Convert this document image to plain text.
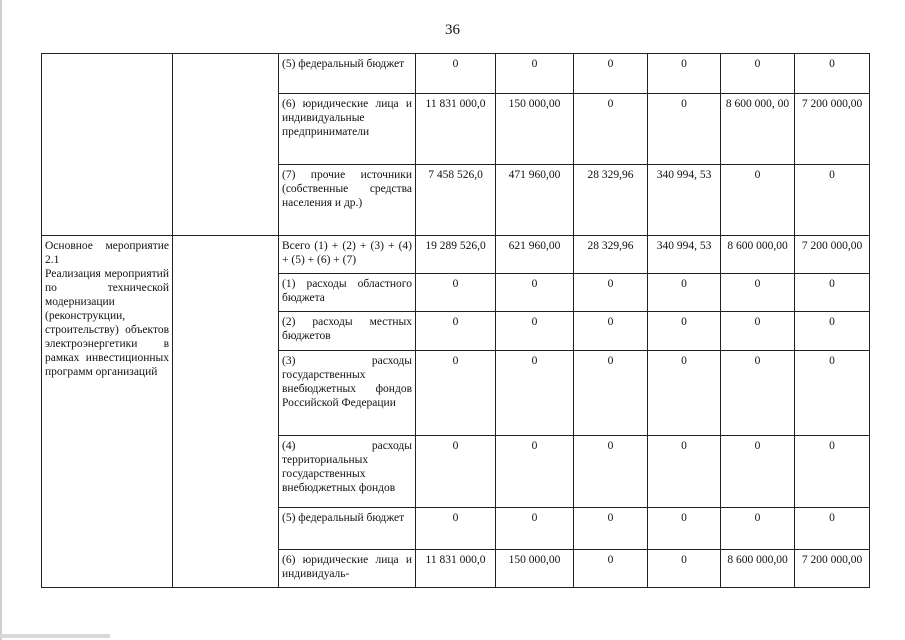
36
		(5) федеральный бюджет	0	0	0	0	0	0
		(6) юридические лица и индивидуальные предприниматели	11 831 000,0	150 000,00	0	0	8 600 000, 00	7 200 000,00
		(7) прочие источники (собственные средства населения и др.)	7 458 526,0	471 960,00	28 329,96	340 994, 53	0	0

Основное мероприятие 2.1
Реализация мероприятий по технической модернизации (реконструкции, строительству) объектов электроэнергетики в рамках инвестиционных программ организаций		Всего (1) + (2) + (3) + (4) + (5) + (6) + (7)	19 289 526,0	621 960,00	28 329,96	340 994, 53	8 600 000,00	7 200 000,00
		(1) расходы областного бюджета	0	0	0	0	0	0
		(2) расходы местных бюджетов	0	0	0	0	0	0
		(3) расходы государственных внебюджетных фондов Российской Федерации	0	0	0	0	0	0
		(4) расходы территориальных государственных внебюджетных фондов	0	0	0	0	0	0
		(5) федеральный бюджет	0	0	0	0	0	0
		(6) юридические лица и индивидуаль-	11 831 000,0	150 000,00	0	0	8 600 000,00	7 200 000,00
